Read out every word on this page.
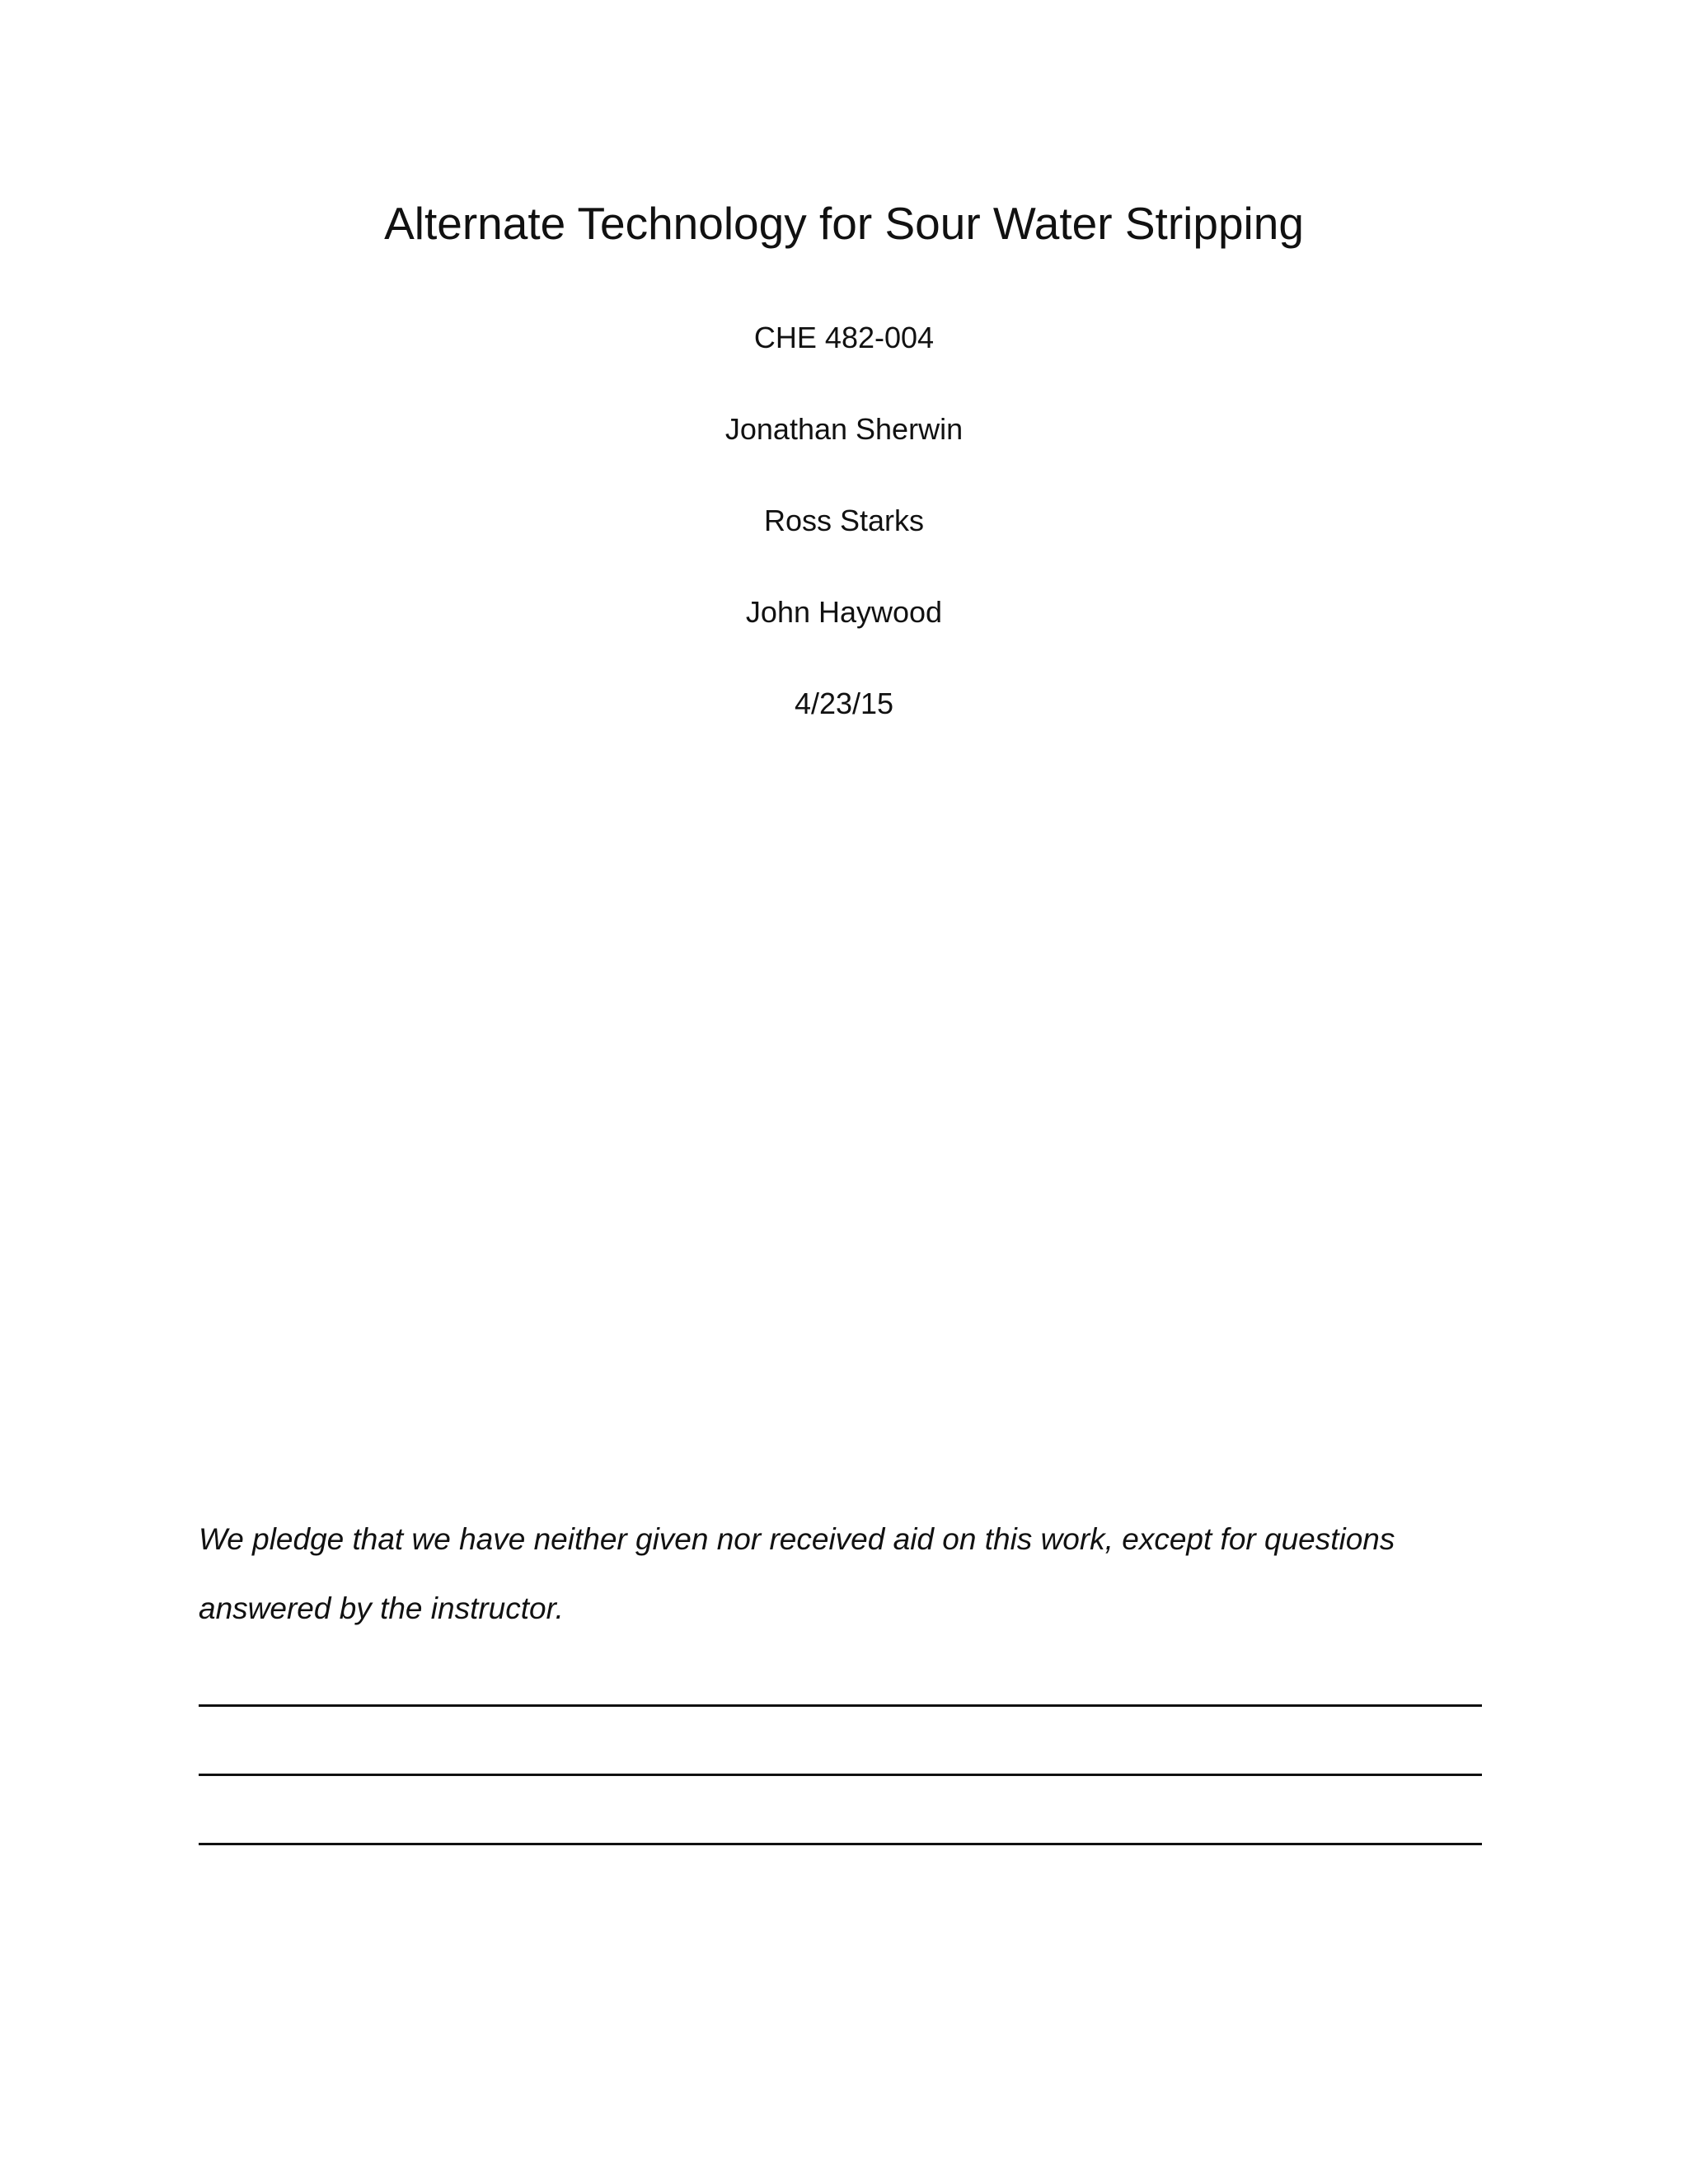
Alternate Technology for Sour Water Stripping

CHE 482-004

Jonathan Sherwin

Ross Starks

John Haywood

4/23/15

We pledge that we have neither given nor received aid on this work, except for questions
answered by the instructor.
